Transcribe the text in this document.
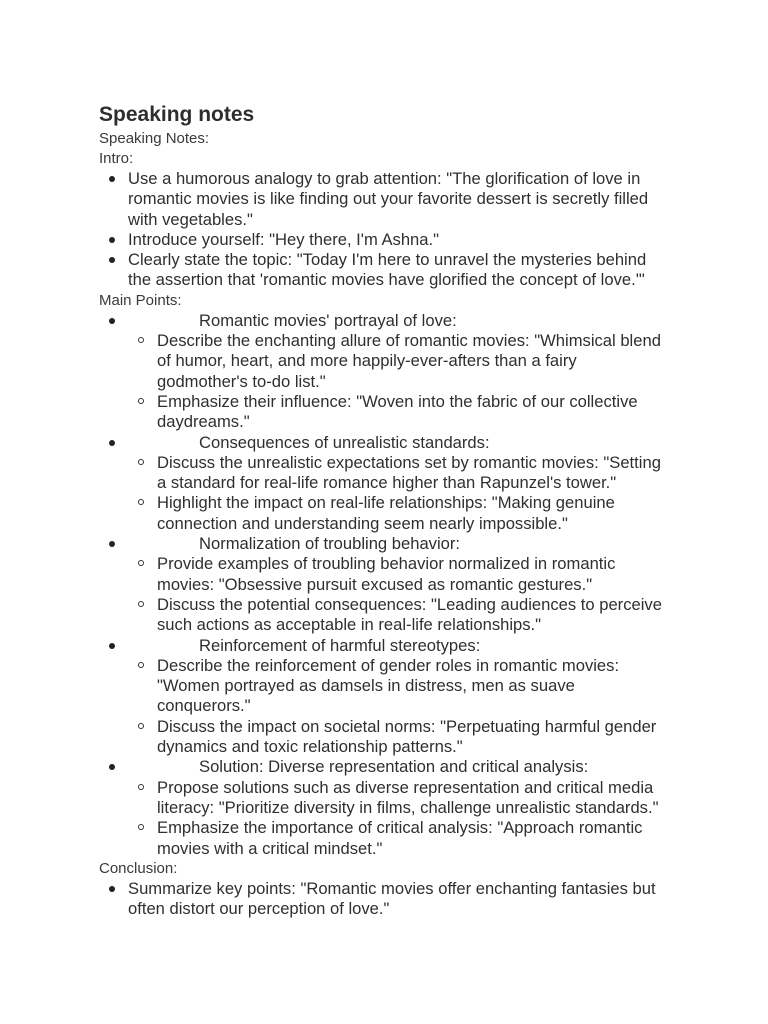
Speaking notes
Speaking Notes:
Intro:
Use a humorous analogy to grab attention: "The glorification of love in romantic movies is like finding out your favorite dessert is secretly filled with vegetables."
Introduce yourself: "Hey there, I'm Ashna."
Clearly state the topic: "Today I'm here to unravel the mysteries behind the assertion that 'romantic movies have glorified the concept of love.'"
Main Points:
Romantic movies' portrayal of love:
Describe the enchanting allure of romantic movies: "Whimsical blend of humor, heart, and more happily-ever-afters than a fairy godmother's to-do list."
Emphasize their influence: "Woven into the fabric of our collective daydreams."
Consequences of unrealistic standards:
Discuss the unrealistic expectations set by romantic movies: "Setting a standard for real-life romance higher than Rapunzel's tower."
Highlight the impact on real-life relationships: "Making genuine connection and understanding seem nearly impossible."
Normalization of troubling behavior:
Provide examples of troubling behavior normalized in romantic movies: "Obsessive pursuit excused as romantic gestures."
Discuss the potential consequences: "Leading audiences to perceive such actions as acceptable in real-life relationships."
Reinforcement of harmful stereotypes:
Describe the reinforcement of gender roles in romantic movies: "Women portrayed as damsels in distress, men as suave conquerors."
Discuss the impact on societal norms: "Perpetuating harmful gender dynamics and toxic relationship patterns."
Solution: Diverse representation and critical analysis:
Propose solutions such as diverse representation and critical media literacy: "Prioritize diversity in films, challenge unrealistic standards."
Emphasize the importance of critical analysis: "Approach romantic movies with a critical mindset."
Conclusion:
Summarize key points: "Romantic movies offer enchanting fantasies but often distort our perception of love."
